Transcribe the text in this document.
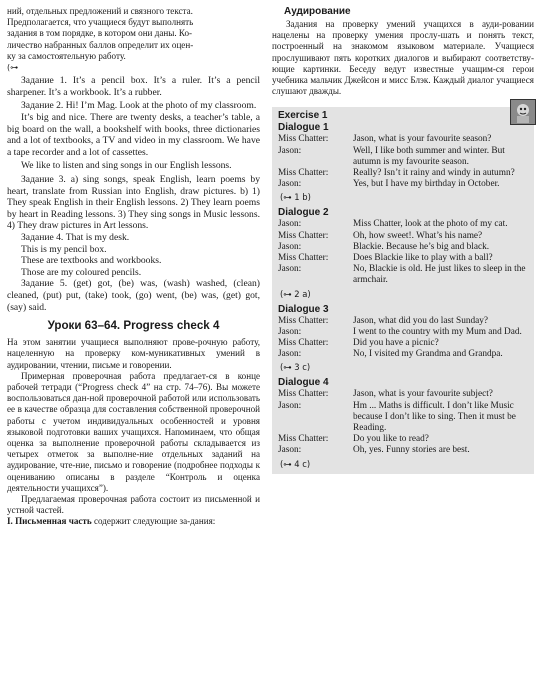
ний, отдельных предложений и связного текста.

Предполагается, что учащиеся будут выполнять

задания в том порядке, в котором они даны. Ко-

личество набранных баллов определит их оцен-

ку за самостоятельную работу.

(⊶

Задание 1. It’s a pencil box. It’s a ruler. It’s a pencil sharpener. It’s a workbook. It’s a rubber.

Задание 2. Hi! I’m Mag. Look at the photo of my classroom.

It’s big and nice. There are twenty desks, a teacher’s table, a big board on the wall, a bookshelf with books, three dictionaries and a lot of textbooks, a TV and video in my classroom. We have a tape recorder and a lot of cassettes.

We like to listen and sing songs in our English lessons.

Задание 3. a) sing songs, speak English, learn poems by heart, translate from Russian into English, draw pictures. b) 1) They speak English in their English lessons. 2) They learn poems by heart in Reading lessons. 3) They sing songs in Music lessons. 4) They draw pictures in Art lessons.

Задание 4. That is my desk.

This is my pencil box.

These are textbooks and workbooks.

Those are my coloured pencils.

Задание 5. (get) got, (be) was, (wash) washed, (clean) cleaned, (put) put, (take) took, (go) went, (be) was, (get) got, (say) said.

Уроки 63–64. Progress check 4

На этом занятии учащиеся выполняют прове-рочную работу, нацеленную на проверку ком-муникативных умений в аудировании, чтении, письме и говорении.

Примерная проверочная работа предлагает-ся в конце рабочей тетради (“Progress check 4” на стр. 74–76). Вы можете воспользоваться дан-ной проверочной работой или использовать ее в качестве образца для составления собственной проверочной работы с учетом индивидуальных особенностей и уровня языковой подготовки ваших учащихся. Напоминаем, что общая оценка за выполнение проверочной работы складывается из четырех отметок за выполне-ние отдельных заданий на аудирование, чте-ние, письмо и говорение (подробнее подходы к оцениванию описаны в разделе “Контроль и оценка деятельности учащихся”).

Предлагаемая проверочная работа состоит из письменной и устной частей.

I. Письменная часть содержит следующие за-дания:

Аудирование

Задания на проверку умений учащихся в ауди-ровании нацелены на проверку умения прослу-шать и понять текст, построенный на знакомом языковом материале. Учащиеся прослушивают пять коротких диалогов и выбирают соответству-ющие картинки. Беседу ведут известные учащим-ся герои учебника мальчик Джейсон и мисс Блэк. Каждый диалог учащиеся слушают дважды.

Exercise 1
Dialogue 1
Miss Chatter:	Jason, what is your favourite season?
Jason:	Well, I like both summer and winter. But autumn is my favourite season.
Miss Chatter:	Really? Isn’t it rainy and windy in autumn?
Jason:	Yes, but I have my birthday in October.
(⊶ 1 b)
Dialogue 2
Jason:	Miss Chatter, look at the photo of my cat.
Miss Chatter:	Oh, how sweet!. What’s his name?
Jason:	Blackie. Because he’s big and black.
Miss Chatter:	Does Blackie like to play with a ball?
Jason:	No, Blackie is old. He just likes to sleep in the armchair.
(⊶ 2 a)
Dialogue 3
Miss Chatter:	Jason, what did you do last Sunday?
Jason:	I went to the country with my Mum and Dad.
Miss Chatter:	Did you have a picnic?
Jason:	No, I visited my Grandma and Grandpa.
(⊶ 3 c)
Dialogue 4
Miss Chatter:	Jason, what is your favourite subject?
Jason:	Hm ... Maths is difficult. I don’t like Music because I don’t like to sing. Then it must be Reading.
Miss Chatter:	Do you like to read?
Jason:	Oh, yes. Funny stories are best.
(⊶ 4 c)
